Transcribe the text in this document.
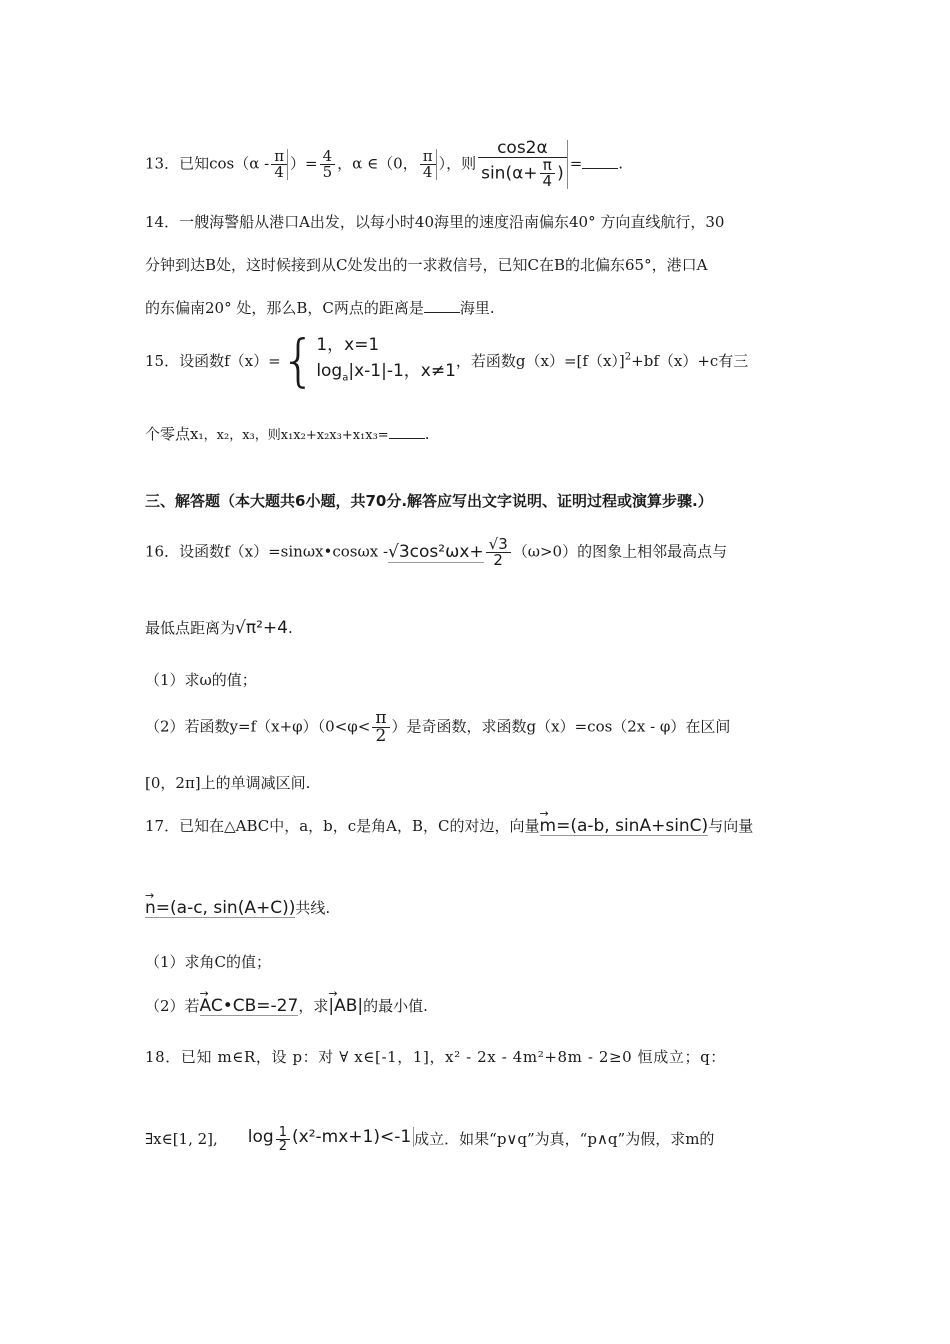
13．已知$\cos(\alpha - \frac{\pi}{4}$ ）= $\frac{4}{5}$ ，α ∈（0， $\frac{\pi}{4}$ ），则 $\frac{\cos 2\alpha}{\sin(\alpha+ \frac{\pi}{4} )}$ = .
14．一艘海警船从港口A出发，以每小时40海里的速度沿南偏东40° 方向直线航行，30
分钟到达B处，这时候接到从C处发出的一求救信号，已知C在B的北偏东65°，港口A
的东偏南20° 处，那么B，C两点的距离是 海里.
15．设函数f（x）={1，x=1
$\log_a|x-1|-1$，x≠1，若函数$g(x)=[f(x)]^2+bf(x)+c$有三
个零点x₁，x₂，x₃，则x₁x₂+x₂x₃+x₁x₃= .
三、解答题（本大题共6小题，共70分.解答应写出文字说明、证明过程或演算步骤.）
16．设函数f（x）=sinωx•cosωx $-√3\cos^2\omega x+ \frac{√3}{2} (\omega>0)$的图象上相邻最高点与
最低点距离为√π²+4.
（1）求ω的值；
（2）若函数$y=f(x+\varphi)(0<\varphi< \frac{\pi}{2}$ ）是奇函数，求函数g（x）=cos（2x - φ）在区间
[0，2π]上的单调减区间.
17．已知在△ABC中，a，b，c是角A，B，C的对边，向量→ m=(a-b, sinA+sinC)与向量
→ n=(a-c, sin(A+C))共线.
（1）求角C的值；
（2）若→ AC•CB=-27，求→ |AB|的最小值.
18．已知 m∈R，设 p：对 ∀ x∈[-1，1]，x² - 2x - 4m²+8m - 2≥0 恒成立；q：
∃x∈[1, 2], $\log \frac{1}{2} (x^2-mx+1)<-1$ 成立．如果“p∨q”为真，“p∧q”为假，求m的
